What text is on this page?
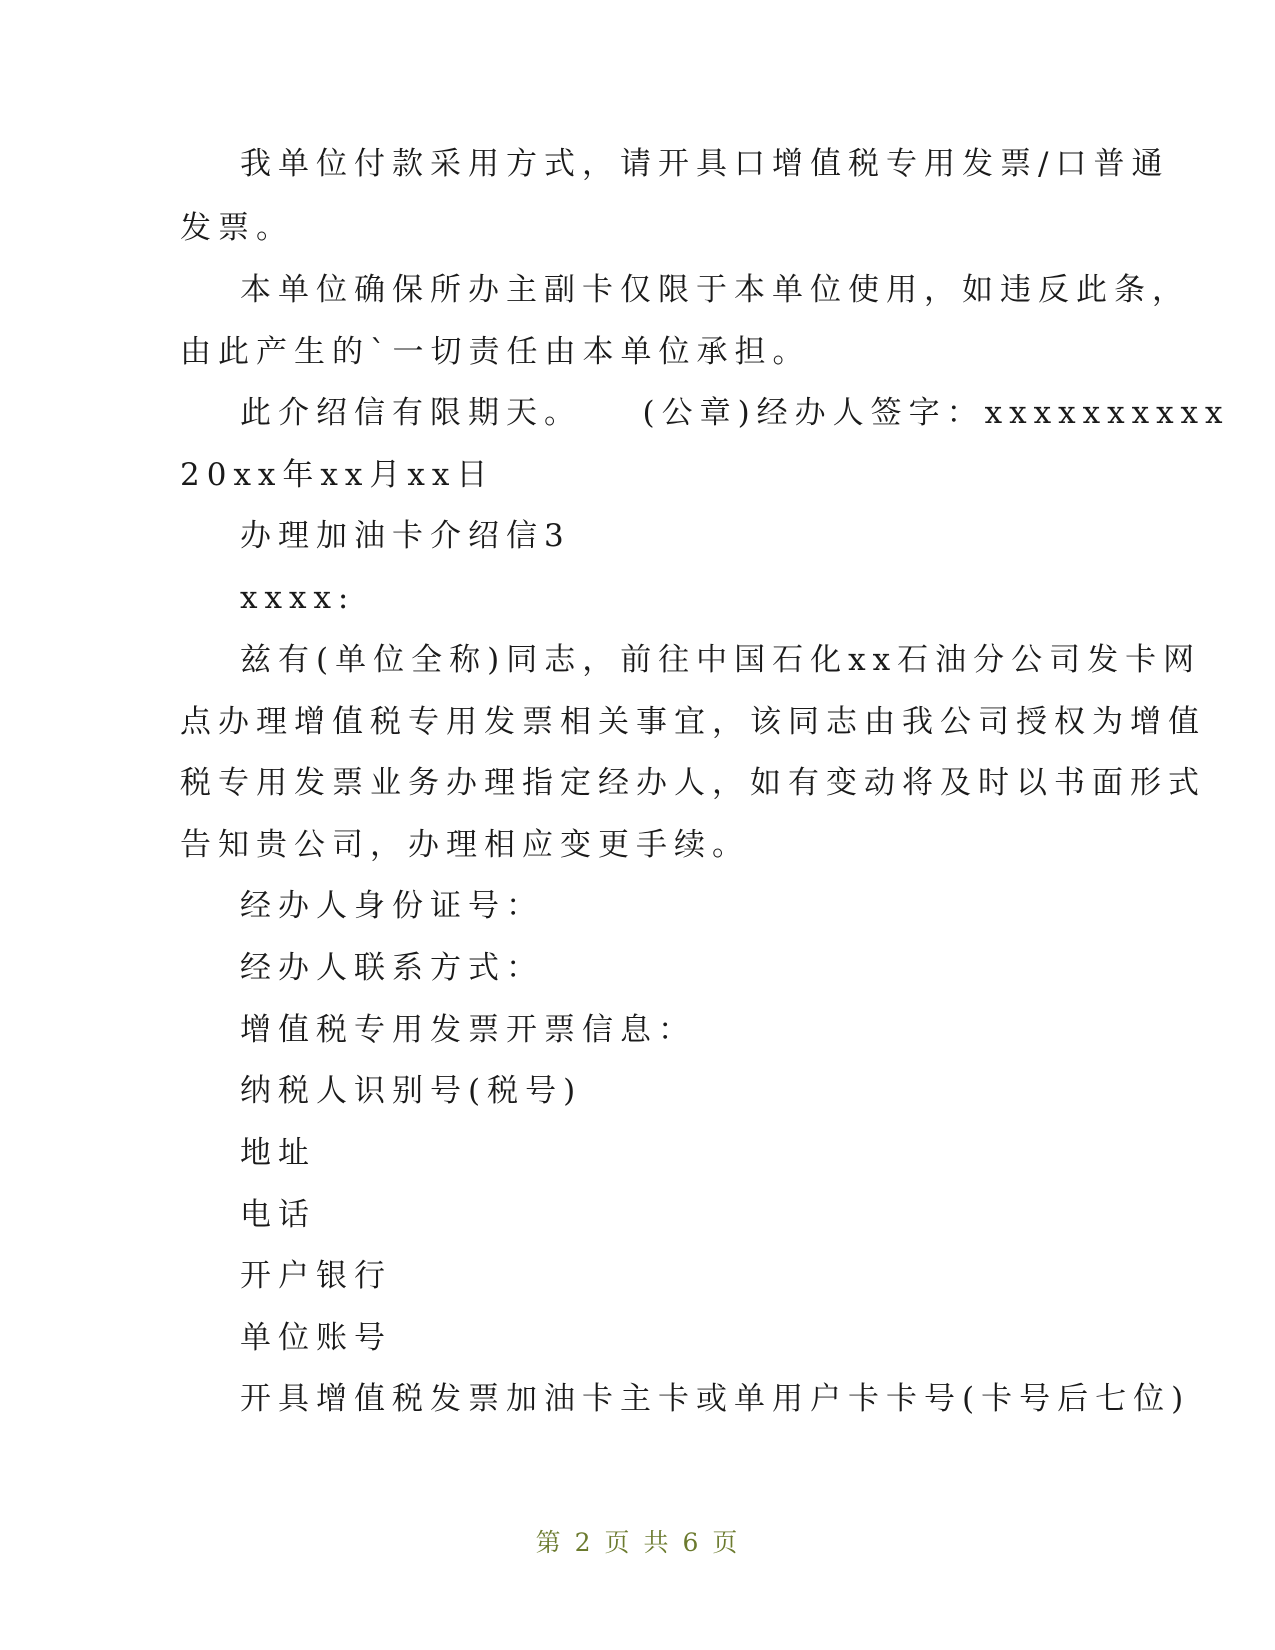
我单位付款采用方式，请开具口增值税专用发票/口普通
发票。
本单位确保所办主副卡仅限于本单位使用，如违反此条，
由此产生的`一切责任由本单位承担。
此介绍信有限期天。　　(公章)经办人签字：xxxxxxxxxx
20xx年xx月xx日
办理加油卡介绍信3
xxxx:
兹有(单位全称)同志，前往中国石化xx石油分公司发卡网
点办理增值税专用发票相关事宜，该同志由我公司授权为增值
税专用发票业务办理指定经办人，如有变动将及时以书面形式
告知贵公司，办理相应变更手续。
经办人身份证号：
经办人联系方式：
增值税专用发票开票信息：
纳税人识别号(税号)
地址
电话
开户银行
单位账号
开具增值税发票加油卡主卡或单用户卡卡号(卡号后七位)
第 2 页 共 6 页
